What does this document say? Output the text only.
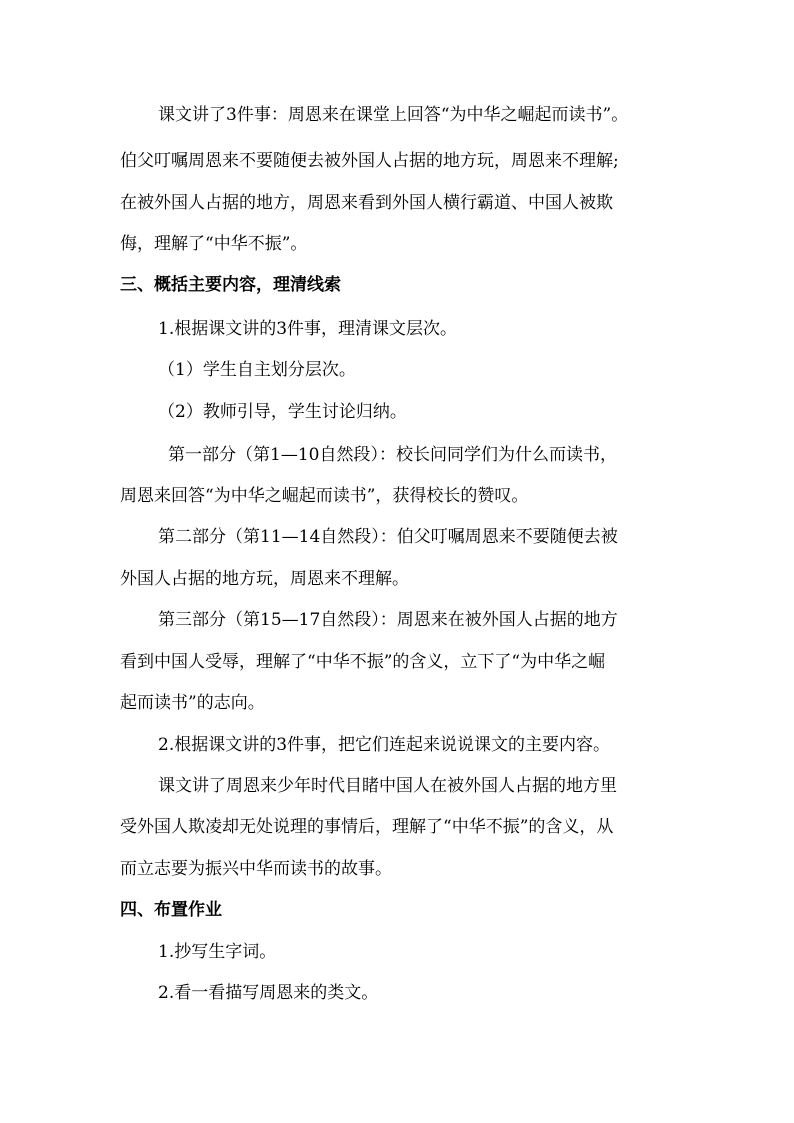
课文讲了3件事：周恩来在课堂上回答“为中华之崛起而读书”。
伯父叮嘱周恩来不要随便去被外国人占据的地方玩，周恩来不理解;
在被外国人占据的地方，周恩来看到外国人横行霸道、中国人被欺
侮，理解了“中华不振”。
三、概括主要内容，理清线索
1.根据课文讲的3件事，理清课文层次。
（1）学生自主划分层次。
（2）教师引导，学生讨论归纳。
第一部分（第1—10自然段）：校长问同学们为什么而读书，
周恩来回答“为中华之崛起而读书”，获得校长的赞叹。
第二部分（第11—14自然段）：伯父叮嘱周恩来不要随便去被
外国人占据的地方玩，周恩来不理解。
第三部分（第15—17自然段）：周恩来在被外国人占据的地方
看到中国人受辱，理解了“中华不振”的含义，立下了“为中华之崛
起而读书”的志向。
2.根据课文讲的3件事，把它们连起来说说课文的主要内容。
课文讲了周恩来少年时代目睹中国人在被外国人占据的地方里
受外国人欺凌却无处说理的事情后，理解了“中华不振”的含义，从
而立志要为振兴中华而读书的故事。
四、布置作业
1.抄写生字词。
2.看一看描写周恩来的类文。
